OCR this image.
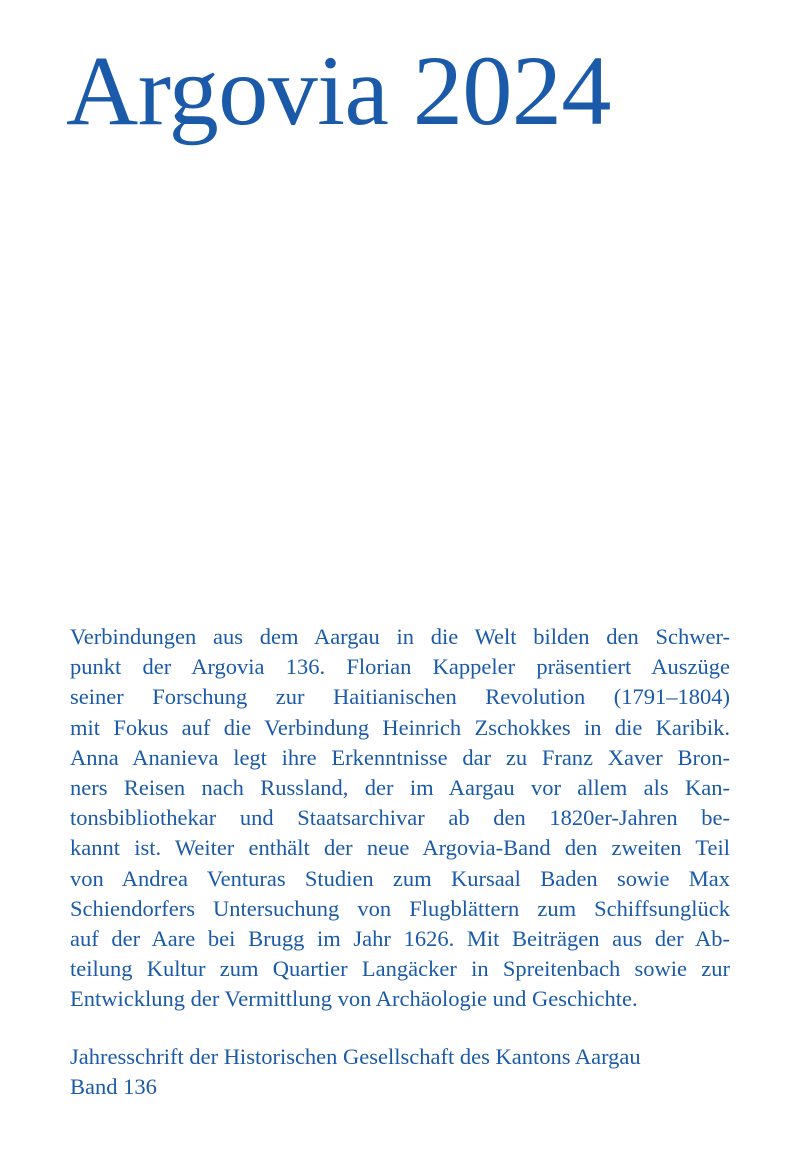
Argovia 2024
Verbindungen aus dem Aargau in die Welt bilden den Schwer-
punkt der Argovia 136. Florian Kappeler präsentiert Auszüge
seiner Forschung zur Haitianischen Revolution (1791–1804)
mit Fokus auf die Verbindung Heinrich Zschokkes in die Karibik.
Anna Ananieva legt ihre Erkenntnisse dar zu Franz Xaver Bron-
ners Reisen nach Russland, der im Aargau vor allem als Kan-
tonsbibliothekar und Staatsarchivar ab den 1820er-Jahren be-
kannt ist. Weiter enthält der neue Argovia-Band den zweiten Teil
von Andrea Venturas Studien zum Kursaal Baden sowie Max
Schiendorfers Untersuchung von Flugblättern zum Schiffsunglück
auf der Aare bei Brugg im Jahr 1626. Mit Beiträgen aus der Ab-
teilung Kultur zum Quartier Langäcker in Spreitenbach sowie zur
Entwicklung der Vermittlung von Archäologie und Geschichte.
Jahresschrift der Historischen Gesellschaft des Kantons Aargau
Band 136
